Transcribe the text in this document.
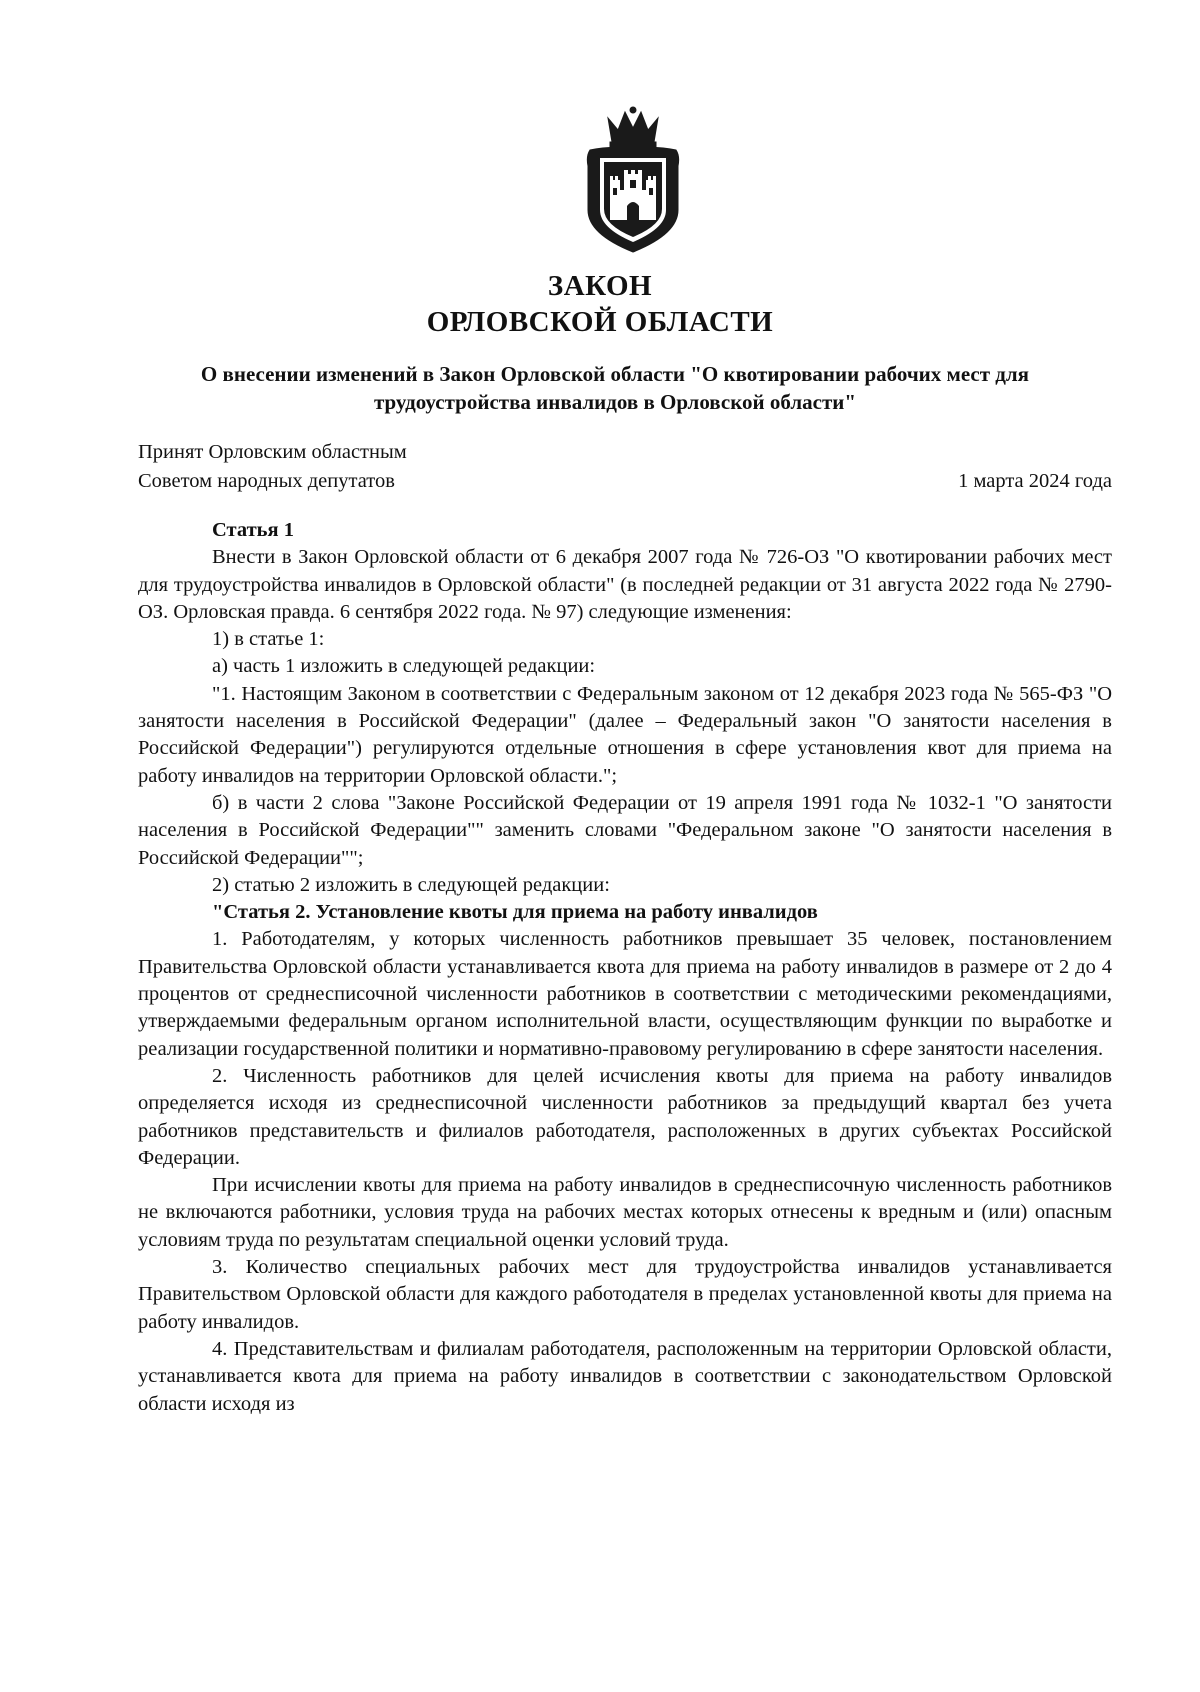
ЗАКОН
ОРЛОВСКОЙ ОБЛАСТИ
О внесении изменений в Закон Орловской области "О квотировании рабочих мест для трудоустройства инвалидов в Орловской области"
Принят Орловским областным
Советом народных депутатов	1 марта 2024 года

Статья 1

Внести в Закон Орловской области от 6 декабря 2007 года № 726-ОЗ "О квотировании рабочих мест для трудоустройства инвалидов в Орловской области" (в последней редакции от 31 августа 2022 года № 2790-ОЗ. Орловская правда. 6 сентября 2022 года. № 97) следующие изменения:

1) в статье 1:

а) часть 1 изложить в следующей редакции:

"1. Настоящим Законом в соответствии с Федеральным законом от 12 декабря 2023 года № 565-ФЗ "О занятости населения в Российской Федерации" (далее – Федеральный закон "О занятости населения в Российской Федерации") регулируются отдельные отношения в сфере установления квот для приема на работу инвалидов на территории Орловской области.";

б) в части 2 слова "Законе Российской Федерации от 19 апреля 1991 года № 1032-1 "О занятости населения в Российской Федерации"" заменить словами "Федеральном законе "О занятости населения в Российской Федерации"";

2) статью 2 изложить в следующей редакции:

"Статья 2. Установление квоты для приема на работу инвалидов

1. Работодателям, у которых численность работников превышает 35 человек, постановлением Правительства Орловской области устанавливается квота для приема на работу инвалидов в размере от 2 до 4 процентов от среднесписочной численности работников в соответствии с методическими рекомендациями, утверждаемыми федеральным органом исполнительной власти, осуществляющим функции по выработке и реализации государственной политики и нормативно-правовому регулированию в сфере занятости населения.

2. Численность работников для целей исчисления квоты для приема на работу инвалидов определяется исходя из среднесписочной численности работников за предыдущий квартал без учета работников представительств и филиалов работодателя, расположенных в других субъектах Российской Федерации.

При исчислении квоты для приема на работу инвалидов в среднесписочную численность работников не включаются работники, условия труда на рабочих местах которых отнесены к вредным и (или) опасным условиям труда по результатам специальной оценки условий труда.

3. Количество специальных рабочих мест для трудоустройства инвалидов устанавливается Правительством Орловской области для каждого работодателя в пределах установленной квоты для приема на работу инвалидов.

4. Представительствам и филиалам работодателя, расположенным на территории Орловской области, устанавливается квота для приема на работу инвалидов в соответствии с законодательством Орловской области исходя из
